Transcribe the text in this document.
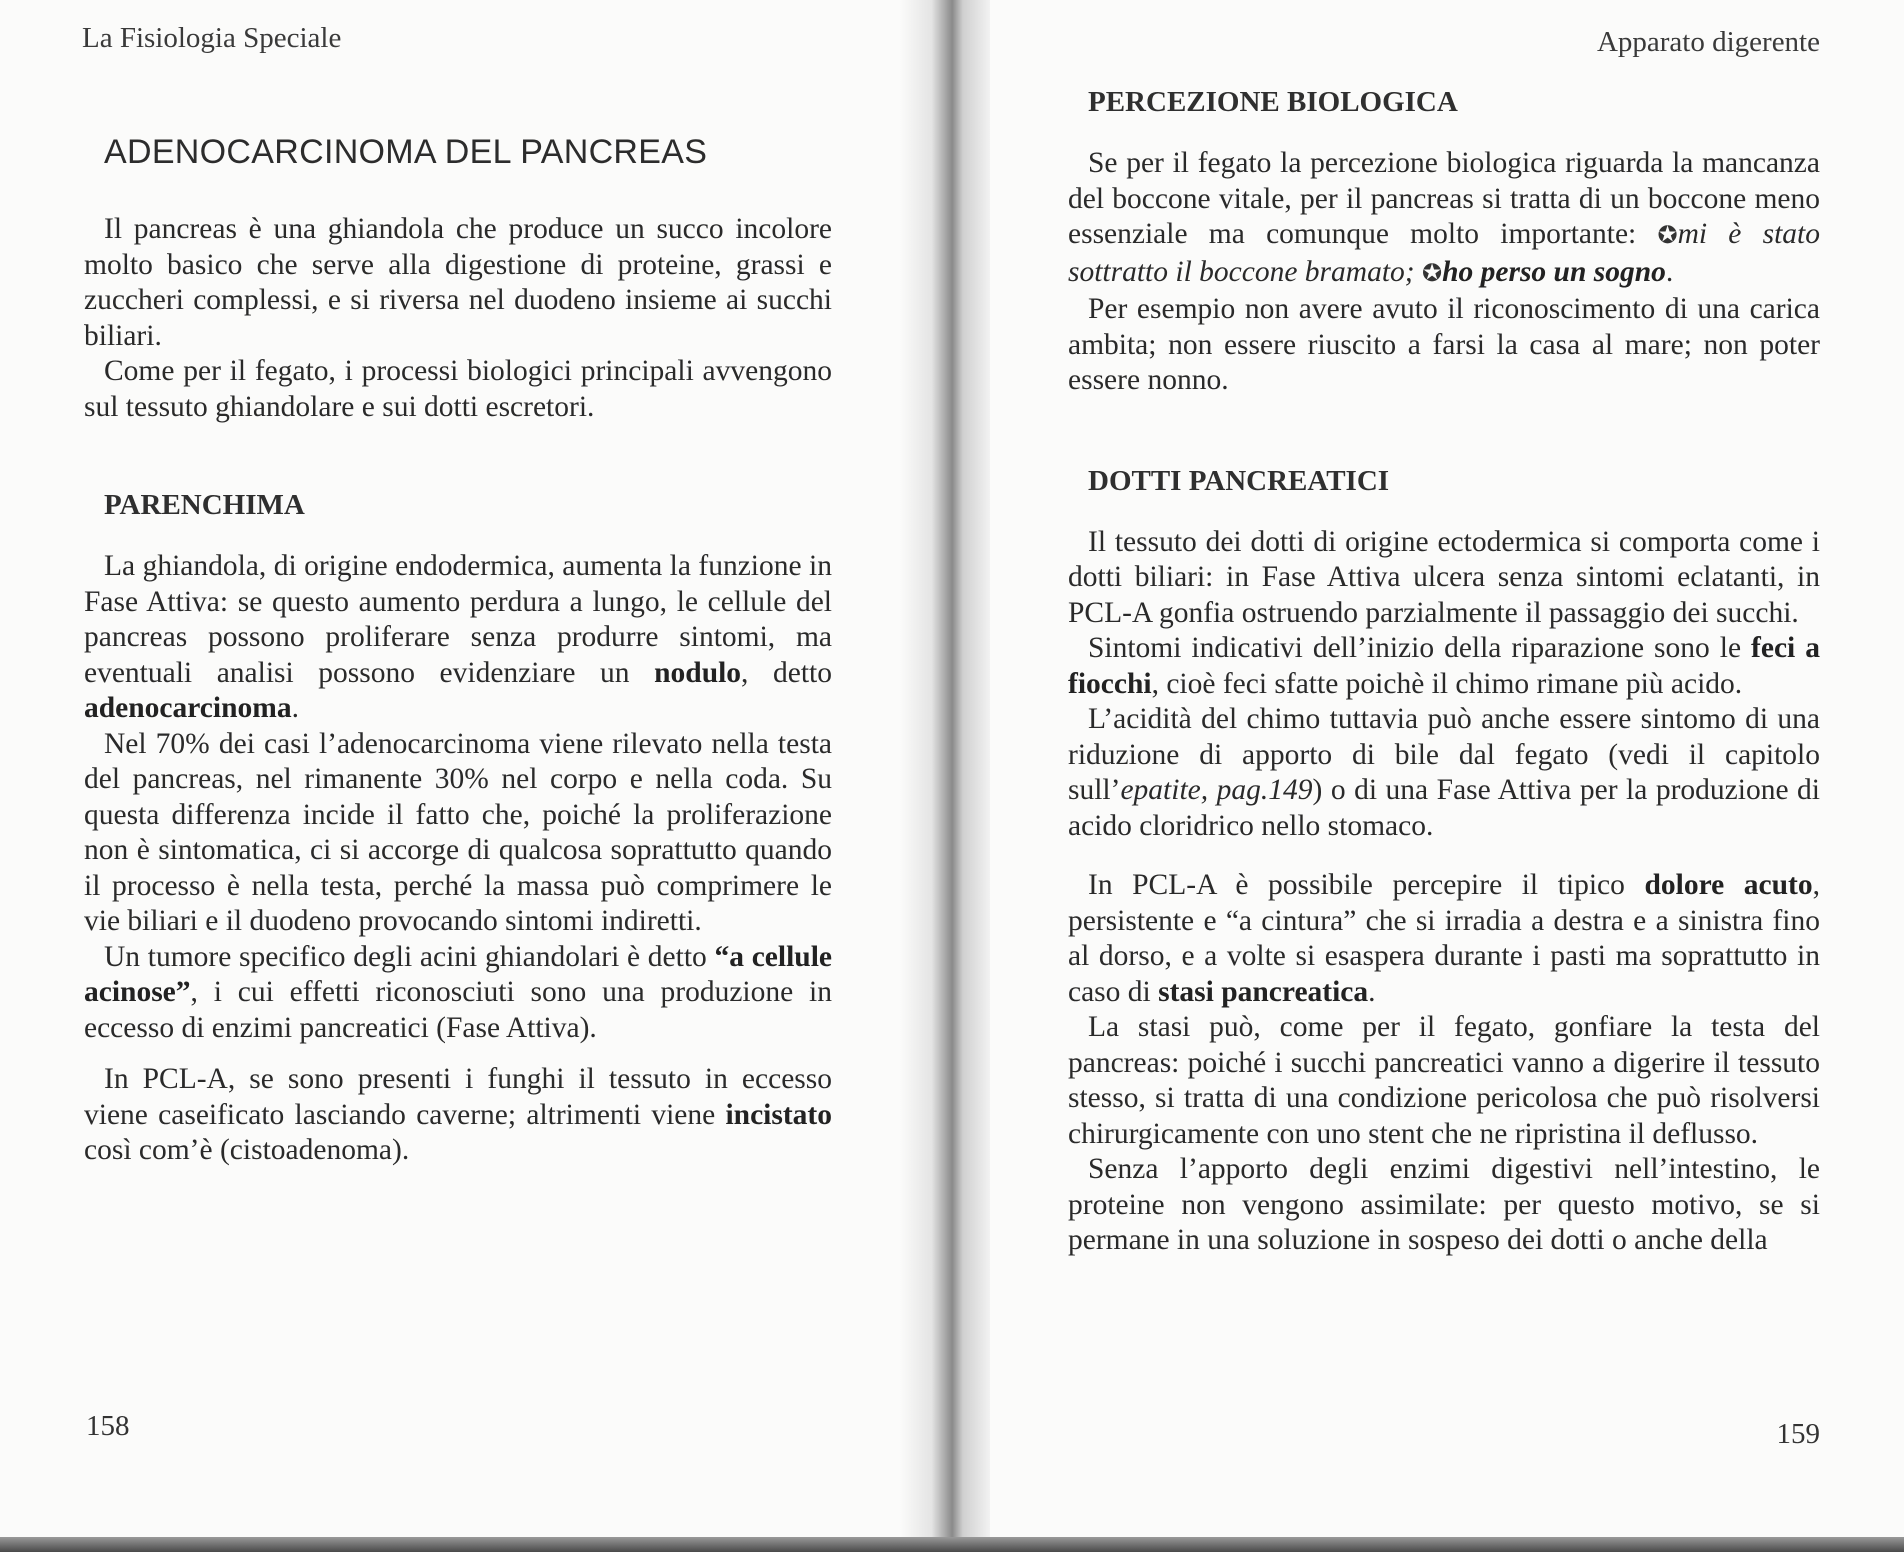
La Fisiologia Speciale
ADENOCARCINOMA DEL PANCREAS

Il pancreas è una ghiandola che produce un succo incolore molto basico che serve alla digestione di proteine, grassi e zuccheri complessi, e si riversa nel duodeno insieme ai succhi biliari.

Come per il fegato, i processi biologici principali avvengono sul tessuto ghiandolare e sui dotti escretori.

PARENCHIMA

La ghiandola, di origine endodermica, aumenta la funzione in Fase Attiva: se questo aumento perdura a lungo, le cellule del pancreas possono proliferare senza produrre sintomi, ma eventuali analisi possono evidenziare un nodulo, detto adenocarcinoma.

Nel 70% dei casi l’adenocarcinoma viene rilevato nella testa del pancreas, nel rimanente 30% nel corpo e nella coda. Su questa differenza incide il fatto che, poiché la proliferazione non è sintomatica, ci si accorge di qualcosa soprattutto quando il processo è nella testa, perché la massa può comprimere le vie biliari e il duodeno provocando sintomi indiretti.

Un tumore specifico degli acini ghiandolari è detto “a cellule acinose”, i cui effetti riconosciuti sono una produzione in eccesso di enzimi pancreatici (Fase Attiva).

In PCL-A, se sono presenti i funghi il tessuto in eccesso viene caseificato lasciando caverne; altrimenti viene incistato così com’è (cistoadenoma).

158
Apparato digerente
PERCEZIONE BIOLOGICA

Se per il fegato la percezione biologica riguarda la mancanza del boccone vitale, per il pancreas si tratta di un boccone meno essenziale ma comunque molto importante: ✪mi è stato sottratto il boccone bramato; ✪ho perso un sogno.

Per esempio non avere avuto il riconoscimento di una carica ambita; non essere riuscito a farsi la casa al mare; non poter essere nonno.

DOTTI PANCREATICI

Il tessuto dei dotti di origine ectodermica si comporta come i dotti biliari: in Fase Attiva ulcera senza sintomi eclatanti, in PCL-A gonfia ostruendo parzialmente il passaggio dei succhi.

Sintomi indicativi dell’inizio della riparazione sono le feci a fiocchi, cioè feci sfatte poichè il chimo rimane più acido.

L’acidità del chimo tuttavia può anche essere sintomo di una riduzione di apporto di bile dal fegato (vedi il capitolo sull’epatite, pag.149) o di una Fase Attiva per la produzione di acido cloridrico nello stomaco.

In PCL-A è possibile percepire il tipico dolore acuto, persistente e “a cintura” che si irradia a destra e a sinistra fino al dorso, e a volte si esaspera durante i pasti ma soprattutto in caso di stasi pancreatica.

La stasi può, come per il fegato, gonfiare la testa del pancreas: poiché i succhi pancreatici vanno a digerire il tessuto stesso, si tratta di una condizione pericolosa che può risolversi chirurgicamente con uno stent che ne ripristina il deflusso.

Senza l’apporto degli enzimi digestivi nell’intestino, le proteine non vengono assimilate: per questo motivo, se si permane in una soluzione in sospeso dei dotti o anche della

159
